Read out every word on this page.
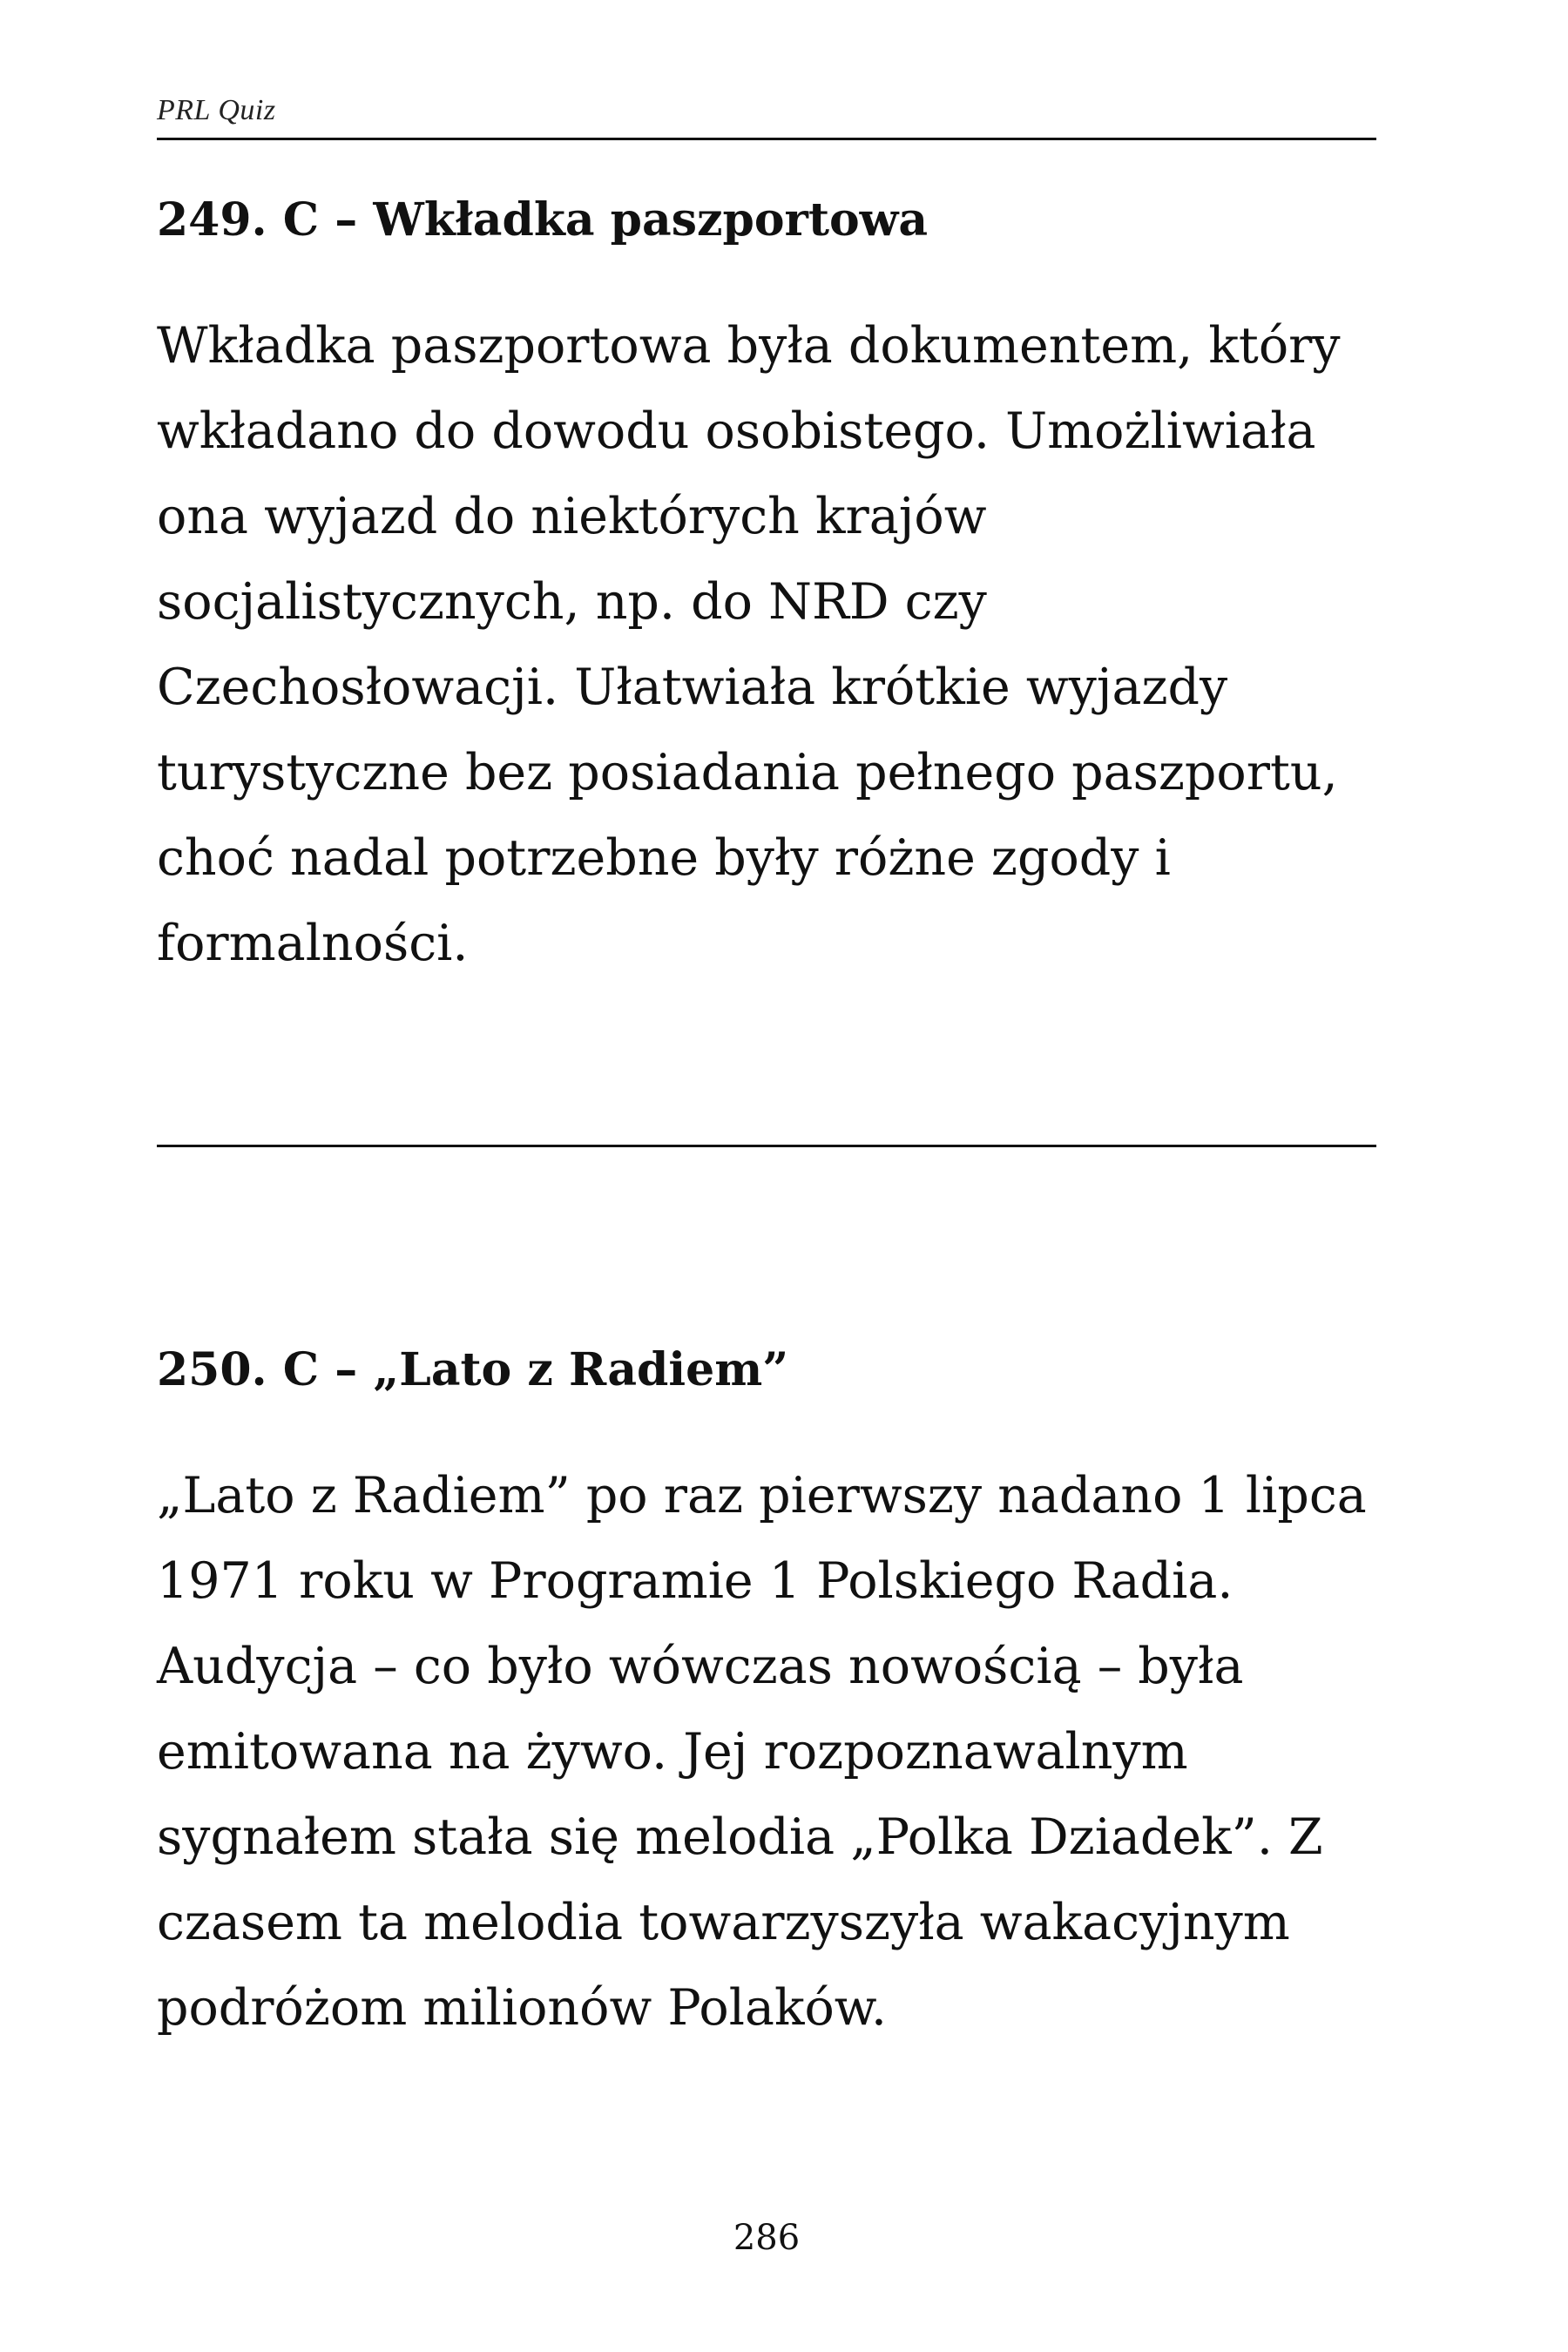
PRL Quiz
249. C – Wkładka paszportowa
Wkładka paszportowa była dokumentem, który
wkładano do dowodu osobistego. Umożliwiała
ona wyjazd do niektórych krajów
socjalistycznych, np. do NRD czy
Czechosłowacji. Ułatwiała krótkie wyjazdy
turystyczne bez posiadania pełnego paszportu,
choć nadal potrzebne były różne zgody i
formalności.
250. C – „Lato z Radiem”
„Lato z Radiem” po raz pierwszy nadano 1 lipca
1971 roku w Programie 1 Polskiego Radia.
Audycja – co było wówczas nowością – była
emitowana na żywo. Jej rozpoznawalnym
sygnałem stała się melodia „Polka Dziadek”. Z
czasem ta melodia towarzyszyła wakacyjnym
podróżom milionów Polaków.
286
